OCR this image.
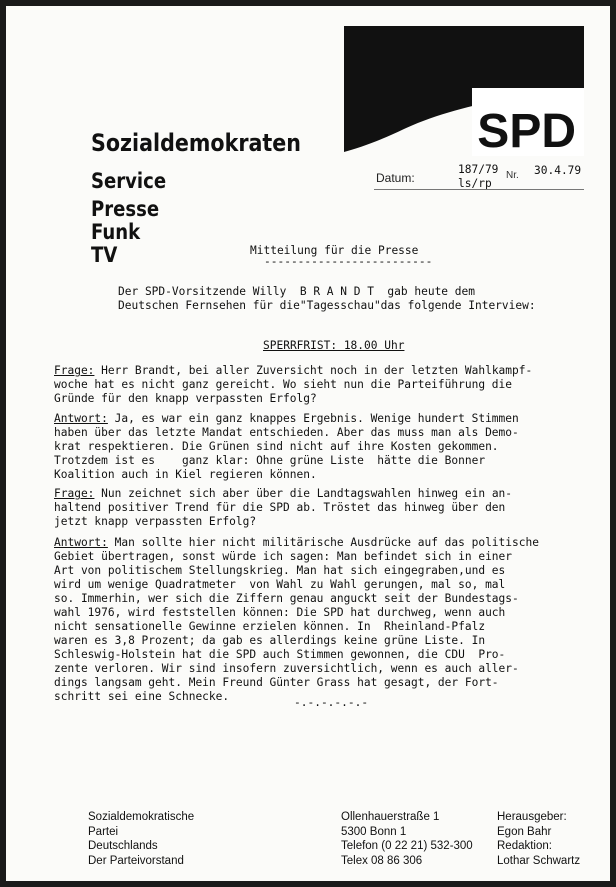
SPD
Sozialdemokraten
Service
Presse
Funk
TV
Datum:
187/79
ls/rp
Nr. 30.4.79
Mitteilung für die Presse
-------------------------
Der SPD-Vorsitzende Willy  B R A N D T  gab heute dem
Deutschen Fernsehen für die"Tagesschau"das folgende Interview:
SPERRFRIST: 18.00 Uhr
Frage: Herr Brandt, bei aller Zuversicht noch in der letzten Wahlkampf-
woche hat es nicht ganz gereicht. Wo sieht nun die Parteiführung die
Gründe für den knapp verpassten Erfolg?
Antwort: Ja, es war ein ganz knappes Ergebnis. Wenige hundert Stimmen
haben über das letzte Mandat entschieden. Aber das muss man als Demo-
krat respektieren. Die Grünen sind nicht auf ihre Kosten gekommen.
Trotzdem ist es    ganz klar: Ohne grüne Liste  hätte die Bonner
Koalition auch in Kiel regieren können.
Frage: Nun zeichnet sich aber über die Landtagswahlen hinweg ein an-
haltend positiver Trend für die SPD ab. Tröstet das hinweg über den
jetzt knapp verpassten Erfolg?
Antwort: Man sollte hier nicht militärische Ausdrücke auf das politische
Gebiet übertragen, sonst würde ich sagen: Man befindet sich in einer
Art von politischem Stellungskrieg. Man hat sich eingegraben,und es
wird um wenige Quadratmeter  von Wahl zu Wahl gerungen, mal so, mal
so. Immerhin, wer sich die Ziffern genau anguckt seit der Bundestags-
wahl 1976, wird feststellen können: Die SPD hat durchweg, wenn auch
nicht sensationelle Gewinne erzielen können. In  Rheinland-Pfalz
waren es 3,8 Prozent; da gab es allerdings keine grüne Liste. In
Schleswig-Holstein hat die SPD auch Stimmen gewonnen, die CDU  Pro-
zente verloren. Wir sind insofern zuversichtlich, wenn es auch aller-
dings langsam geht. Mein Freund Günter Grass hat gesagt, der Fort-
schritt sei eine Schnecke.	-.-.-.-.-.-
Sozialdemokratische
Partei
Deutschlands
Der Parteivorstand
Ollenhauerstraße 1
5300 Bonn 1
Telefon (0 22 21) 532-300
Telex 08 86 306
Herausgeber:
Egon Bahr
Redaktion:
Lothar Schwartz
